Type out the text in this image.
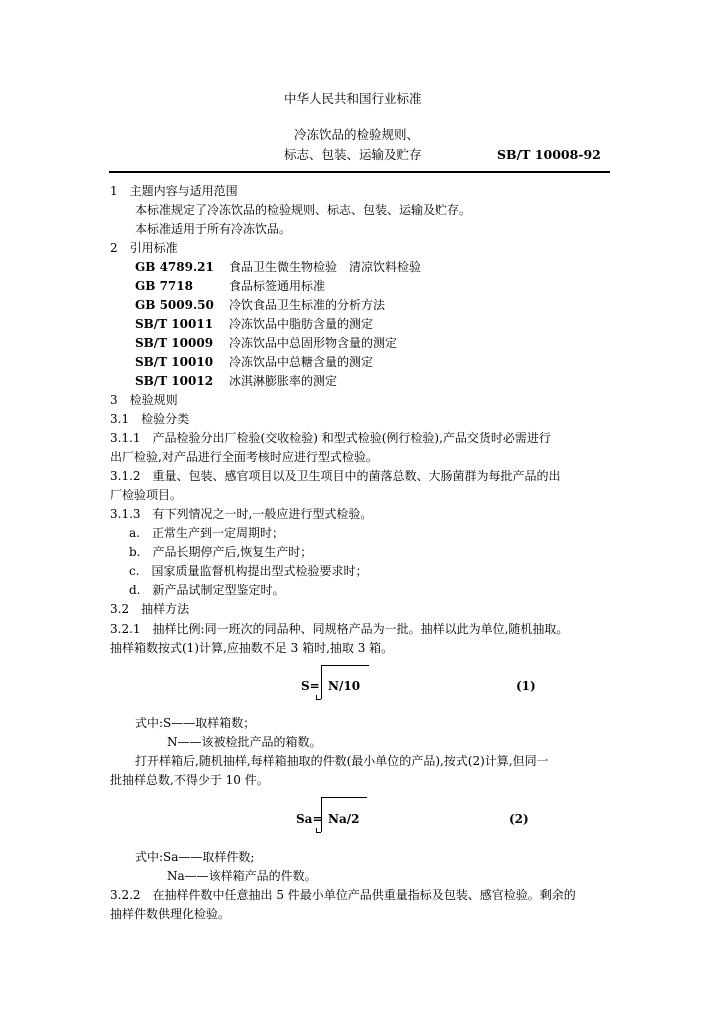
中华人民共和国行业标准
冷冻饮品的检验规则、
标志、包装、运输及贮存	SB/T 10008-92
1　主题内容与适用范围
本标准规定了冷冻饮品的检验规则、标志、包装、运输及贮存。
本标准适用于所有冷冻饮品。
2　引用标准
GB 4789.21 食品卫生微生物检验　清凉饮料检验
GB 7718	食品标签通用标准
GB 5009.50 冷饮食品卫生标准的分析方法
SB/T 10011 冷冻饮品中脂肪含量的测定
SB/T 10009 冷冻饮品中总固形物含量的测定
SB/T 10010 冷冻饮品中总糖含量的测定
SB/T 10012 冰淇淋膨胀率的测定
3　检验规则
3.1　检验分类
3.1.1　产品检验分出厂检验(交收检验) 和型式检验(例行检验),产品交货时必需进行
出厂检验,对产品进行全面考核时应进行型式检验。
3.1.2　重量、包装、感官项目以及卫生项目中的菌落总数、大肠菌群为每批产品的出
厂检验项目。
3.1.3　有下列情况之一时,一般应进行型式检验。
a.　正常生产到一定周期时；
b.　产品长期停产后,恢复生产时；
c.　国家质量监督机构提出型式检验要求时；
d.　新产品试制定型鉴定时。
3.2　抽样方法
3.2.1　抽样比例:同一班次的同品种、同规格产品为一批。抽样以此为单位,随机抽取。
抽样箱数按式(1)计算,应抽数不足 3 箱时,抽取 3 箱。
S= N/10	(1)
式中:S——取样箱数；
N——该被检批产品的箱数。
打开样箱后,随机抽样,每样箱抽取的件数(最小单位的产品),按式(2)计算,但同一
批抽样总数,不得少于 10 件。
Sa= Na/2	(2)
式中:Sa——取样件数;
Na——该样箱产品的件数。
3.2.2　在抽样件数中任意抽出 5 件最小单位产品供重量指标及包装、感官检验。剩余的
抽样件数供理化检验。
